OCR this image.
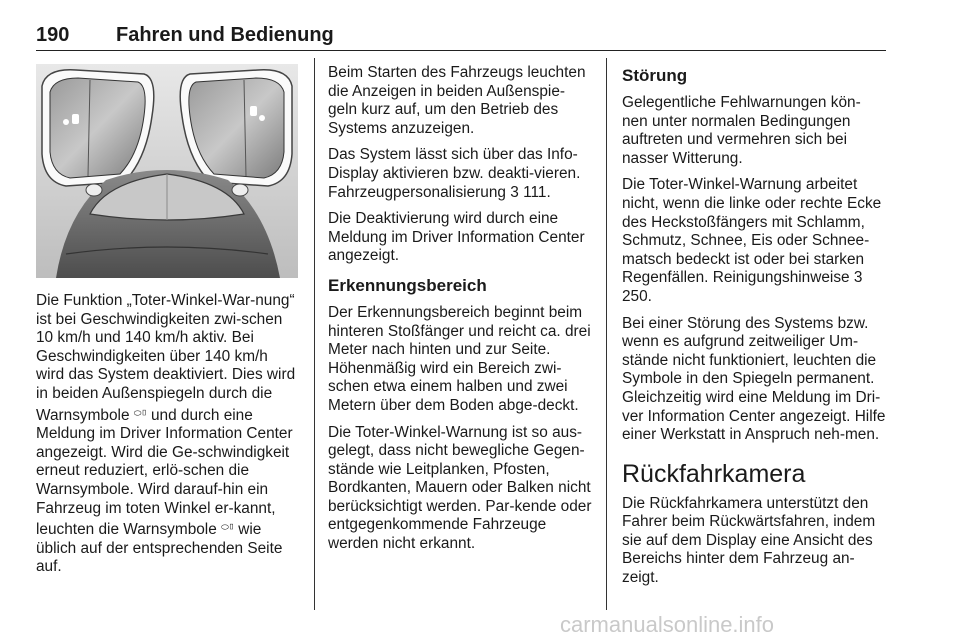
190 Fahren und Bedienung

Die Funktion „Toter-Winkel-War-nung“ ist bei Geschwindigkeiten zwi-schen 10 km/h und 140 km/h aktiv. Bei Geschwindigkeiten über 140 km/h wird das System deaktiviert. Dies wird in beiden Außenspiegeln durch die Warnsymbole ⬭▯ und durch eine Meldung im Driver Information Center angezeigt. Wird die Ge-schwindigkeit erneut reduziert, erlö-schen die Warnsymbole. Wird darauf-hin ein Fahrzeug im toten Winkel er-kannt, leuchten die Warnsymbole ⬭▯ wie üblich auf der entsprechenden Seite auf.

Beim Starten des Fahrzeugs leuchten die Anzeigen in beiden Außenspie-geln kurz auf, um den Betrieb des Systems anzuzeigen.

Das System lässt sich über das Info-Display aktivieren bzw. deakti-vieren. Fahrzeugpersonalisierung 3 111.

Die Deaktivierung wird durch eine Meldung im Driver Information Center angezeigt.

Erkennungsbereich

Der Erkennungsbereich beginnt beim hinteren Stoßfänger und reicht ca. drei Meter nach hinten und zur Seite. Höhenmäßig wird ein Bereich zwi-schen etwa einem halben und zwei Metern über dem Boden abge-deckt.

Die Toter-Winkel-Warnung ist so aus-gelegt, dass nicht bewegliche Gegen-stände wie Leitplanken, Pfosten, Bordkanten, Mauern oder Balken nicht berücksichtigt werden. Par-kende oder entgegenkommende Fahrzeuge werden nicht erkannt.

Störung

Gelegentliche Fehlwarnungen kön-nen unter normalen Bedingungen auftreten und vermehren sich bei nasser Witterung.

Die Toter-Winkel-Warnung arbeitet nicht, wenn die linke oder rechte Ecke des Heckstoßfängers mit Schlamm, Schmutz, Schnee, Eis oder Schnee-matsch bedeckt ist oder bei starken Regenfällen. Reinigungshinweise 3 250.

Bei einer Störung des Systems bzw. wenn es aufgrund zeitweiliger Um-stände nicht funktioniert, leuchten die Symbole in den Spiegeln permanent. Gleichzeitig wird eine Meldung im Dri-ver Information Center angezeigt. Hilfe einer Werkstatt in Anspruch neh-men.

Rückfahrkamera

Die Rückfahrkamera unterstützt den Fahrer beim Rückwärtsfahren, indem sie auf dem Display eine Ansicht des Bereichs hinter dem Fahrzeug an-zeigt.

carmanualsonline.info
